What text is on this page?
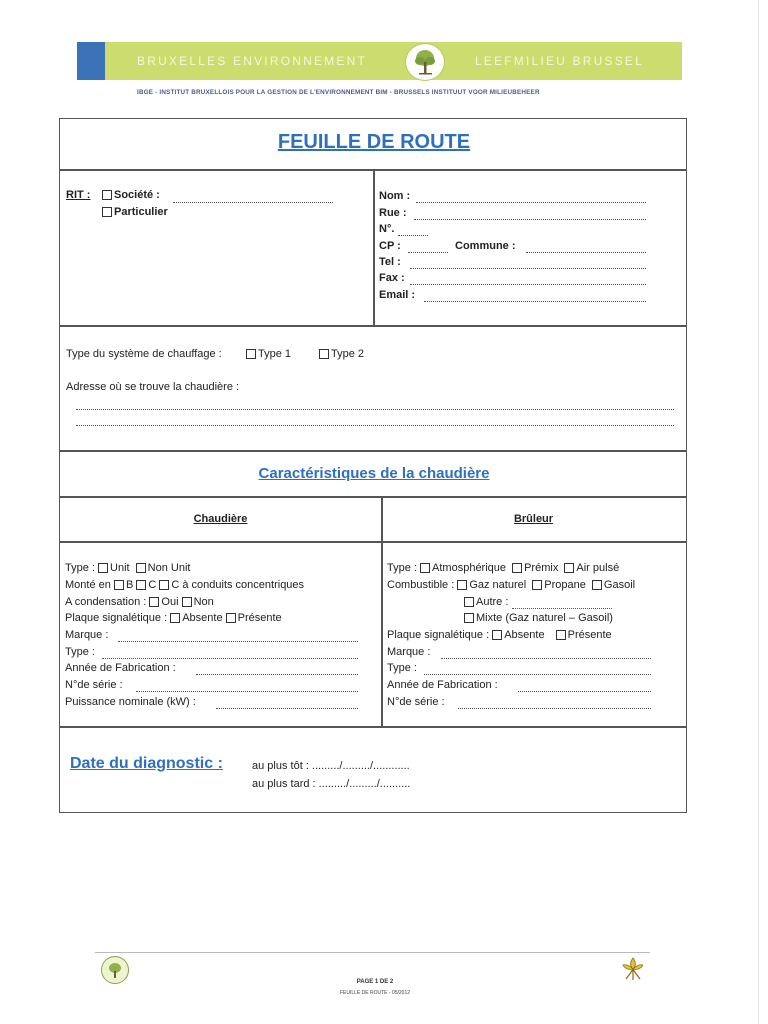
BRUXELLES ENVIRONNEMENT	LEEFMILIEU BRUSSEL
IBGE - INSTITUT BRUXELLOIS POUR LA GESTION DE L'ENVIRONNEMENT BIM - BRUSSELS INSTITUUT VOOR MILIEUBEHEER
FEUILLE DE ROUTE
RIT :	Société :
Particulier
Nom :
Rue :
N°.
CP :	Commune :
Tel :
Fax :
Email :
Type du système de chauffage :	Type 1	Type 2
Adresse où se trouve la chaudière :
Caractéristiques de la chaudière
Chaudière	Brûleur
Type : Unit Non Unit
Monté en B C C à conduits concentriques
A condensation : Oui Non
Plaque signalétique : Absente Présente
Marque :
Type :
Année de Fabrication :
N°de série :
Puissance nominale (kW) :
Type : Atmosphérique Prémix Air pulsé
Combustible : Gaz naturel Propane Gasoil
Autre :
Mixte (Gaz naturel – Gasoil)
Plaque signalétique : Absente Présente
Marque :
Type :
Année de Fabrication :
N°de série :
Date du diagnostic :	au plus tôt : ........./........./............
au plus tard : ........./........./..........
PAGE 1 DE 2
FEUILLE DE ROUTE - 05/2012
